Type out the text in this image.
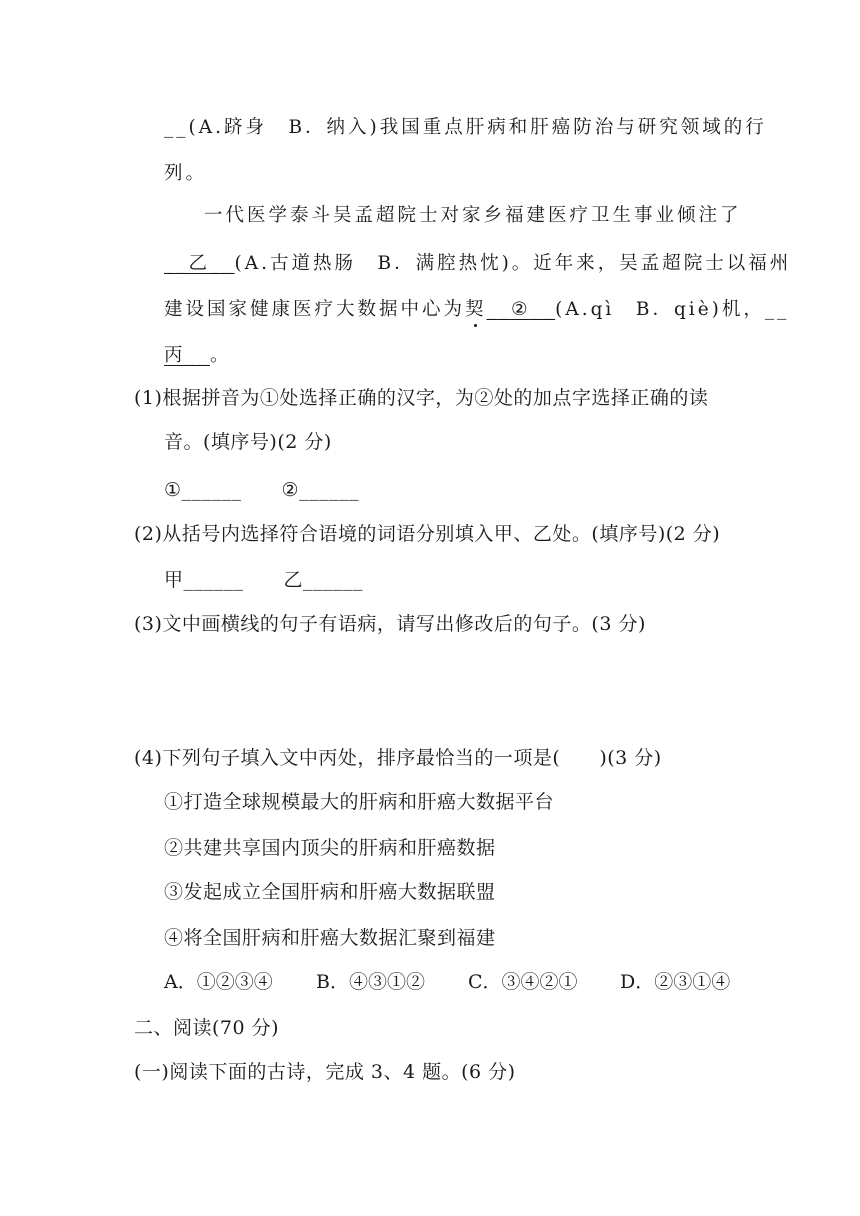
__(A.跻身　B．纳入)我国重点肝病和肝癌防治与研究领域的行
列。
一代医学泰斗吴孟超院士对家乡福建医疗卫生事业倾注了
__乙__(A.古道热肠　B．满腔热忱)。近年来，吴孟超院士以福州
建设国家健康医疗大数据中心为契__②__(A.qì　B．qiè)机，__
丙__。
(1)根据拼音为①处选择正确的汉字，为②处的加点字选择正确的读
音。(填序号)(2 分)
①______ ②______
(2)从括号内选择符合语境的词语分别填入甲、乙处。(填序号)(2 分)
甲______ 乙______
(3)文中画横线的句子有语病，请写出修改后的句子。(3 分)
(4)下列句子填入文中丙处，排序最恰当的一项是(　　)(3 分)
①打造全球规模最大的肝病和肝癌大数据平台
②共建共享国内顶尖的肝病和肝癌数据
③发起成立全国肝病和肝癌大数据联盟
④将全国肝病和肝癌大数据汇聚到福建
A．①②③④ B．④③①② C．③④②① D．②③①④
二、阅读(70 分)
(一)阅读下面的古诗，完成 3、4 题。(6 分)
